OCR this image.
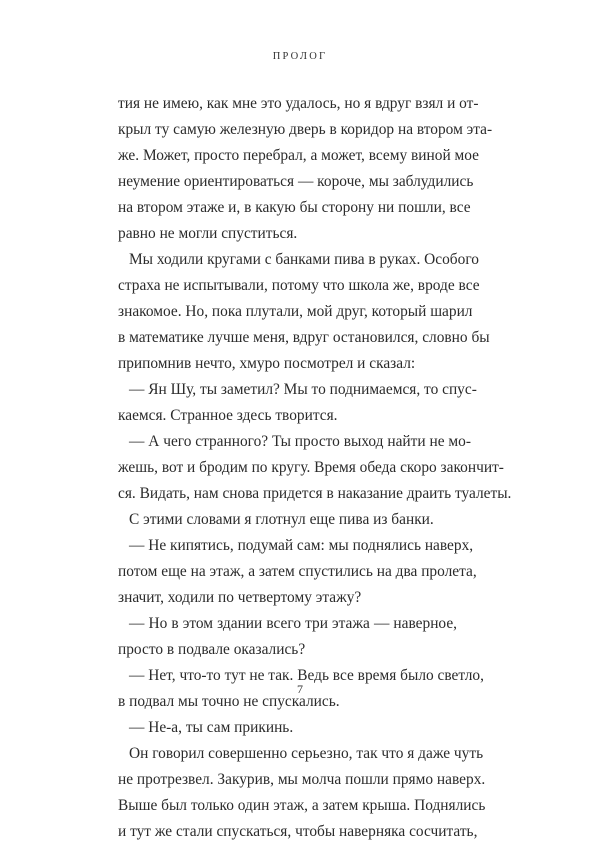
ПРОЛОГ
тия не имею, как мне это удалось, но я вдруг взял и от-
крыл ту самую железную дверь в коридор на втором эта-
же. Может, просто перебрал, а может, всему виной мое
неумение ориентироваться — короче, мы заблудились
на втором этаже и, в какую бы сторону ни пошли, все
равно не могли спуститься.
Мы ходили кругами с банками пива в руках. Особого
страха не испытывали, потому что школа же, вроде все
знакомое. Но, пока плутали, мой друг, который шарил
в математике лучше меня, вдруг остановился, словно бы
припомнив нечто, хмуро посмотрел и сказал:
— Ян Шу, ты заметил? Мы то поднимаемся, то спус-
каемся. Странное здесь творится.
— А чего странного? Ты просто выход найти не мо-
жешь, вот и бродим по кругу. Время обеда скоро закончит-
ся. Видать, нам снова придется в наказание драить туалеты.
С этими словами я глотнул еще пива из банки.
— Не кипятись, подумай сам: мы поднялись наверх,
потом еще на этаж, а затем спустились на два пролета,
значит, ходили по четвертому этажу?
— Но в этом здании всего три этажа — наверное,
просто в подвале оказались?
— Нет, что-то тут не так. Ведь все время было светло,
в подвал мы точно не спускались.
— Не-а, ты сам прикинь.
Он говорил совершенно серьезно, так что я даже чуть
не протрезвел. Закурив, мы молча пошли прямо наверх.
Выше был только один этаж, а затем крыша. Поднялись
и тут же стали спускаться, чтобы наверняка сосчитать,
7
